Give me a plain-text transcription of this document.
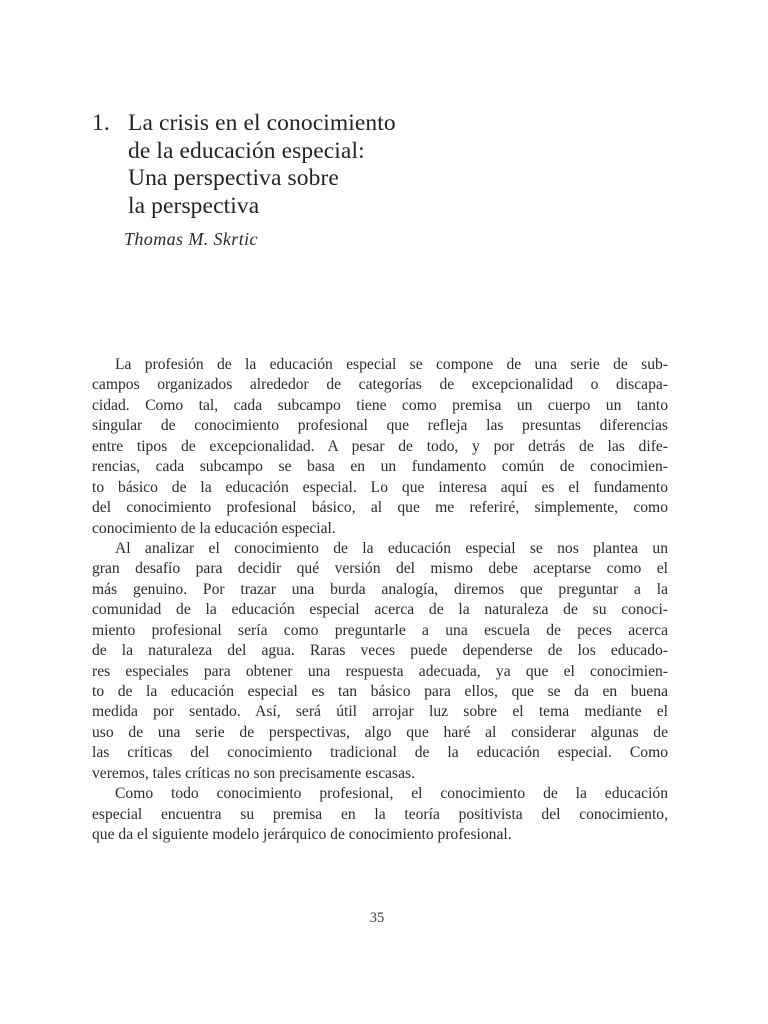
1. La crisis en el conocimiento
de la educación especial:
Una perspectiva sobre
la perspectiva
Thomas M. Skrtic
La profesión de la educación especial se compone de una serie de sub-
campos organizados alrededor de categorías de excepcionalidad o discapa-
cidad. Como tal, cada subcampo tiene como premisa un cuerpo un tanto
singular de conocimiento profesional que refleja las presuntas diferencias
entre tipos de excepcionalidad. A pesar de todo, y por detrás de las dife-
rencias, cada subcampo se basa en un fundamento común de conocimien-
to básico de la educación especial. Lo que interesa aquí es el fundamento
del conocimiento profesional básico, al que me referiré, simplemente, como
conocimiento de la educación especial.
Al analizar el conocimiento de la educación especial se nos plantea un
gran desafío para decidir qué versión del mismo debe aceptarse como el
más genuino. Por trazar una burda analogía, diremos que preguntar a la
comunidad de la educación especial acerca de la naturaleza de su conoci-
miento profesional sería como preguntarle a una escuela de peces acerca
de la naturaleza del agua. Raras veces puede dependerse de los educado-
res especiales para obtener una respuesta adecuada, ya que el conocimien-
to de la educación especial es tan básico para ellos, que se da en buena
medida por sentado. Así, será útil arrojar luz sobre el tema mediante el
uso de una serie de perspectivas, algo que haré al considerar algunas de
las críticas del conocimiento tradicional de la educación especial. Como
veremos, tales críticas no son precisamente escasas.
Como todo conocimiento profesional, el conocimiento de la educación
especial encuentra su premisa en la teoría positivista del conocimiento,
que da el siguiente modelo jerárquico de conocimiento profesional.
35
